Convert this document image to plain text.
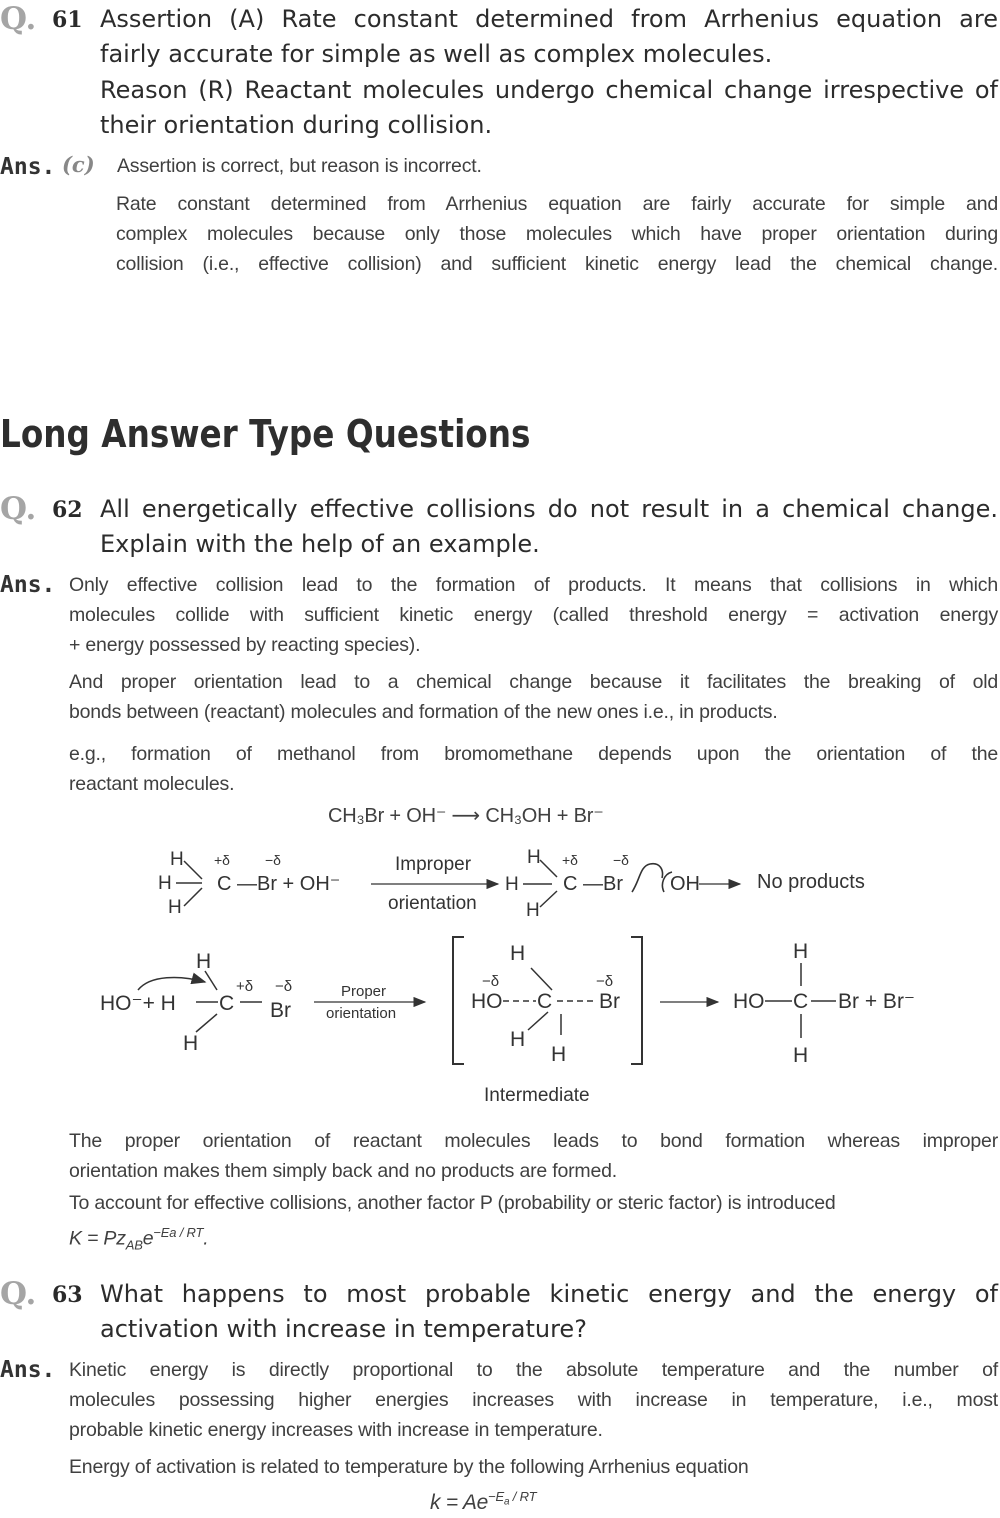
Q. 61 Assertion (A) Rate constant determined from Arrhenius equation are
fairly accurate for simple as well as complex molecules.
Reason (R) Reactant molecules undergo chemical change irrespective of
their orientation during collision.
Ans. (c) Assertion is correct, but reason is incorrect.
Rate constant determined from Arrhenius equation are fairly accurate for simple and
complex molecules because only those molecules which have proper orientation during
collision (i.e., effective collision) and sufficient kinetic energy lead the chemical change.
Long Answer Type Questions
Q. 62 All energetically effective collisions do not result in a chemical change.
Explain with the help of an example.
Ans. Only effective collision lead to the formation of products. It means that collisions in which
molecules collide with sufficient kinetic energy (called threshold energy = activation energy
+ energy possessed by reacting species).
And proper orientation lead to a chemical change because it facilitates the breaking of old
bonds between (reactant) molecules and formation of the new ones i.e., in products.
e.g., formation of methanol from bromomethane depends upon the orientation of the
reactant molecules.
CH₃Br + OH⁻ ⟶ CH₃OH + Br⁻
H
H
H
+δ	−δ
C —Br + OH⁻
Improper
orientation
H
H
H
+δ	−δ
C —Br OH	No products
H
HO⁻+ H
H
C
+δ −δ
Br
Proper
orientation
H
−δ	−δ
HO C Br
H
H
H
HO C Br + Br⁻
H
Intermediate
The proper orientation of reactant molecules leads to bond formation whereas improper
orientation makes them simply back and no products are formed.
To account for effective collisions, another factor P (probability or steric factor) is introduced
$K = Pz_{AB}e^{-Ea / RT}$.
Q. 63 What happens to most probable kinetic energy and the energy of
activation with increase in temperature?
Ans. Kinetic energy is directly proportional to the absolute temperature and the number of
molecules possessing higher energies increases with increase in temperature, i.e., most
probable kinetic energy increases with increase in temperature.
Energy of activation is related to temperature by the following Arrhenius equation
$k = Ae^{-E_a / RT}$
